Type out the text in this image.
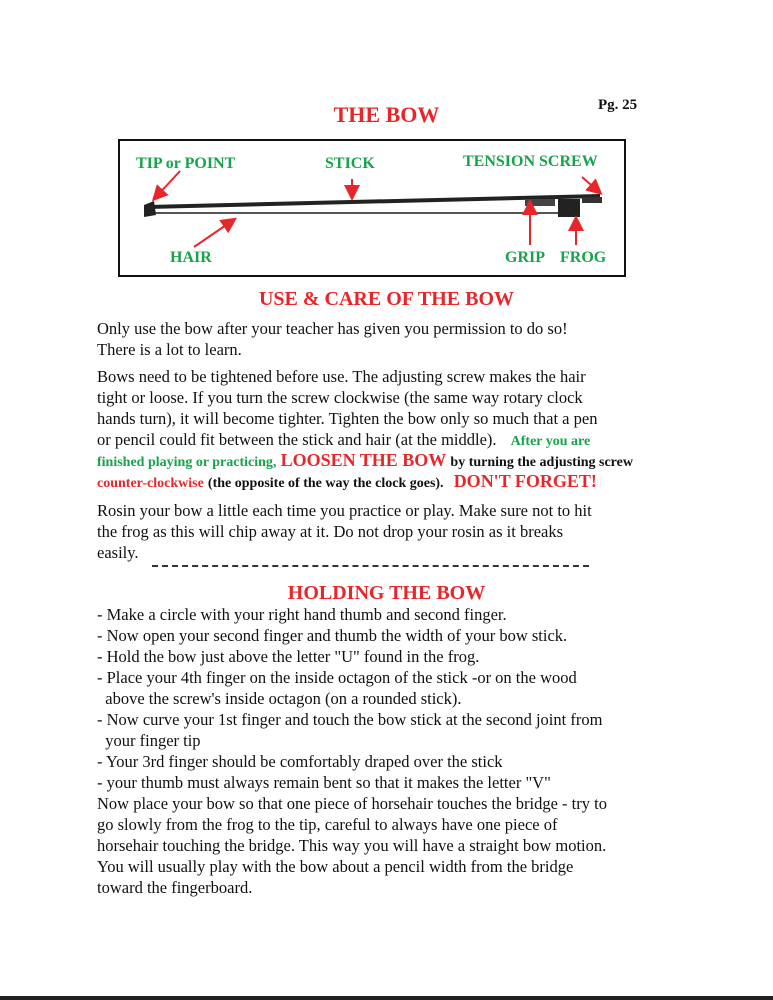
THE BOW	Pg. 25
TIP or POINT	STICK	TENSION SCREW
HAIR	GRIP FROG
USE & CARE OF THE BOW
Only use the bow after your teacher has given you permission to do so!
There is a lot to learn.
Bows need to be tightened before use. The adjusting screw makes the hair
tight or loose. If you turn the screw clockwise (the same way rotary clock
hands turn), it will become tighter. Tighten the bow only so much that a pen
or pencil could fit between the stick and hair (at the middle). After you are
finished playing or practicing, LOOSEN THE BOW by turning the adjusting screw
counter-clockwise (the opposite of the way the clock goes). DON'T FORGET!
Rosin your bow a little each time you practice or play. Make sure not to hit
the frog as this will chip away at it. Do not drop your rosin as it breaks
easily.
HOLDING THE BOW
- Make a circle with your right hand thumb and second finger.
- Now open your second finger and thumb the width of your bow stick.
- Hold the bow just above the letter "U" found in the frog.
- Place your 4th finger on the inside octagon of the stick -or on the wood
above the screw's inside octagon (on a rounded stick).
- Now curve your 1st finger and touch the bow stick at the second joint from
your finger tip
- Your 3rd finger should be comfortably draped over the stick
- your thumb must always remain bent so that it makes the letter "V"
Now place your bow so that one piece of horsehair touches the bridge - try to
go slowly from the frog to the tip, careful to always have one piece of
horsehair touching the bridge. This way you will have a straight bow motion.
You will usually play with the bow about a pencil width from the bridge
toward the fingerboard.
